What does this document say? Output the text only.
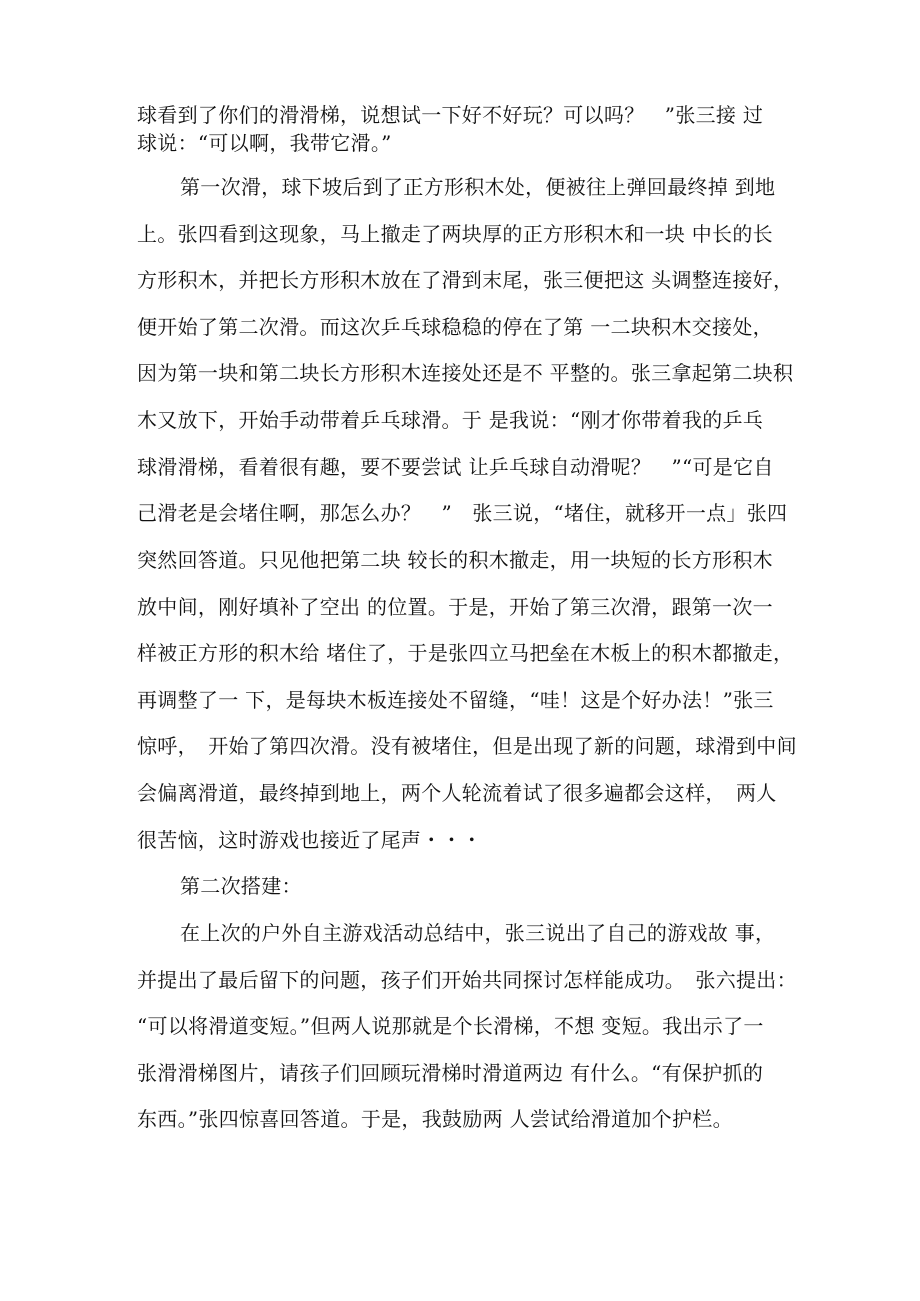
球看到了你们的滑滑梯，说想试一下好不好玩？可以吗？　”张三接 过
球说：“可以啊，我带它滑。”
第一次滑，球下坡后到了正方形积木处，便被往上弹回最终掉 到地
上。张四看到这现象，马上撤走了两块厚的正方形积木和一块 中长的长
方形积木，并把长方形积木放在了滑到末尾，张三便把这 头调整连接好，
便开始了第二次滑。而这次乒乓球稳稳的停在了第 一二块积木交接处，
因为第一块和第二块长方形积木连接处还是不 平整的。张三拿起第二块积
木又放下，开始手动带着乒乓球滑。于 是我说：“刚才你带着我的乒乓
球滑滑梯，看着很有趣，要不要尝试 让乒乓球自动滑呢？　”“可是它自
己滑老是会堵住啊，那怎么办？　”　张三说，“堵住，就移开一点」张四
突然回答道。只见他把第二块 较长的积木撤走，用一块短的长方形积木
放中间，刚好填补了空出 的位置。于是，开始了第三次滑，跟第一次一
样被正方形的积木给 堵住了，于是张四立马把垒在木板上的积木都撤走，
再调整了一 下，是每块木板连接处不留缝，“哇！这是个好办法！”张三
惊呼，　开始了第四次滑。没有被堵住，但是出现了新的问题，球滑到中间
会偏离滑道，最终掉到地上，两个人轮流着试了很多遍都会这样，　两人
很苦恼，这时游戏也接近了尾声・・・
第二次搭建：
在上次的户外自主游戏活动总结中，张三说出了自己的游戏故 事，
并提出了最后留下的问题，孩子们开始共同探讨怎样能成功。　张六提出：
“可以将滑道变短。”但两人说那就是个长滑梯，不想 变短。我出示了一
张滑滑梯图片，请孩子们回顾玩滑梯时滑道两边 有什么。“有保护抓的
东西。”张四惊喜回答道。于是，我鼓励两 人尝试给滑道加个护栏。
